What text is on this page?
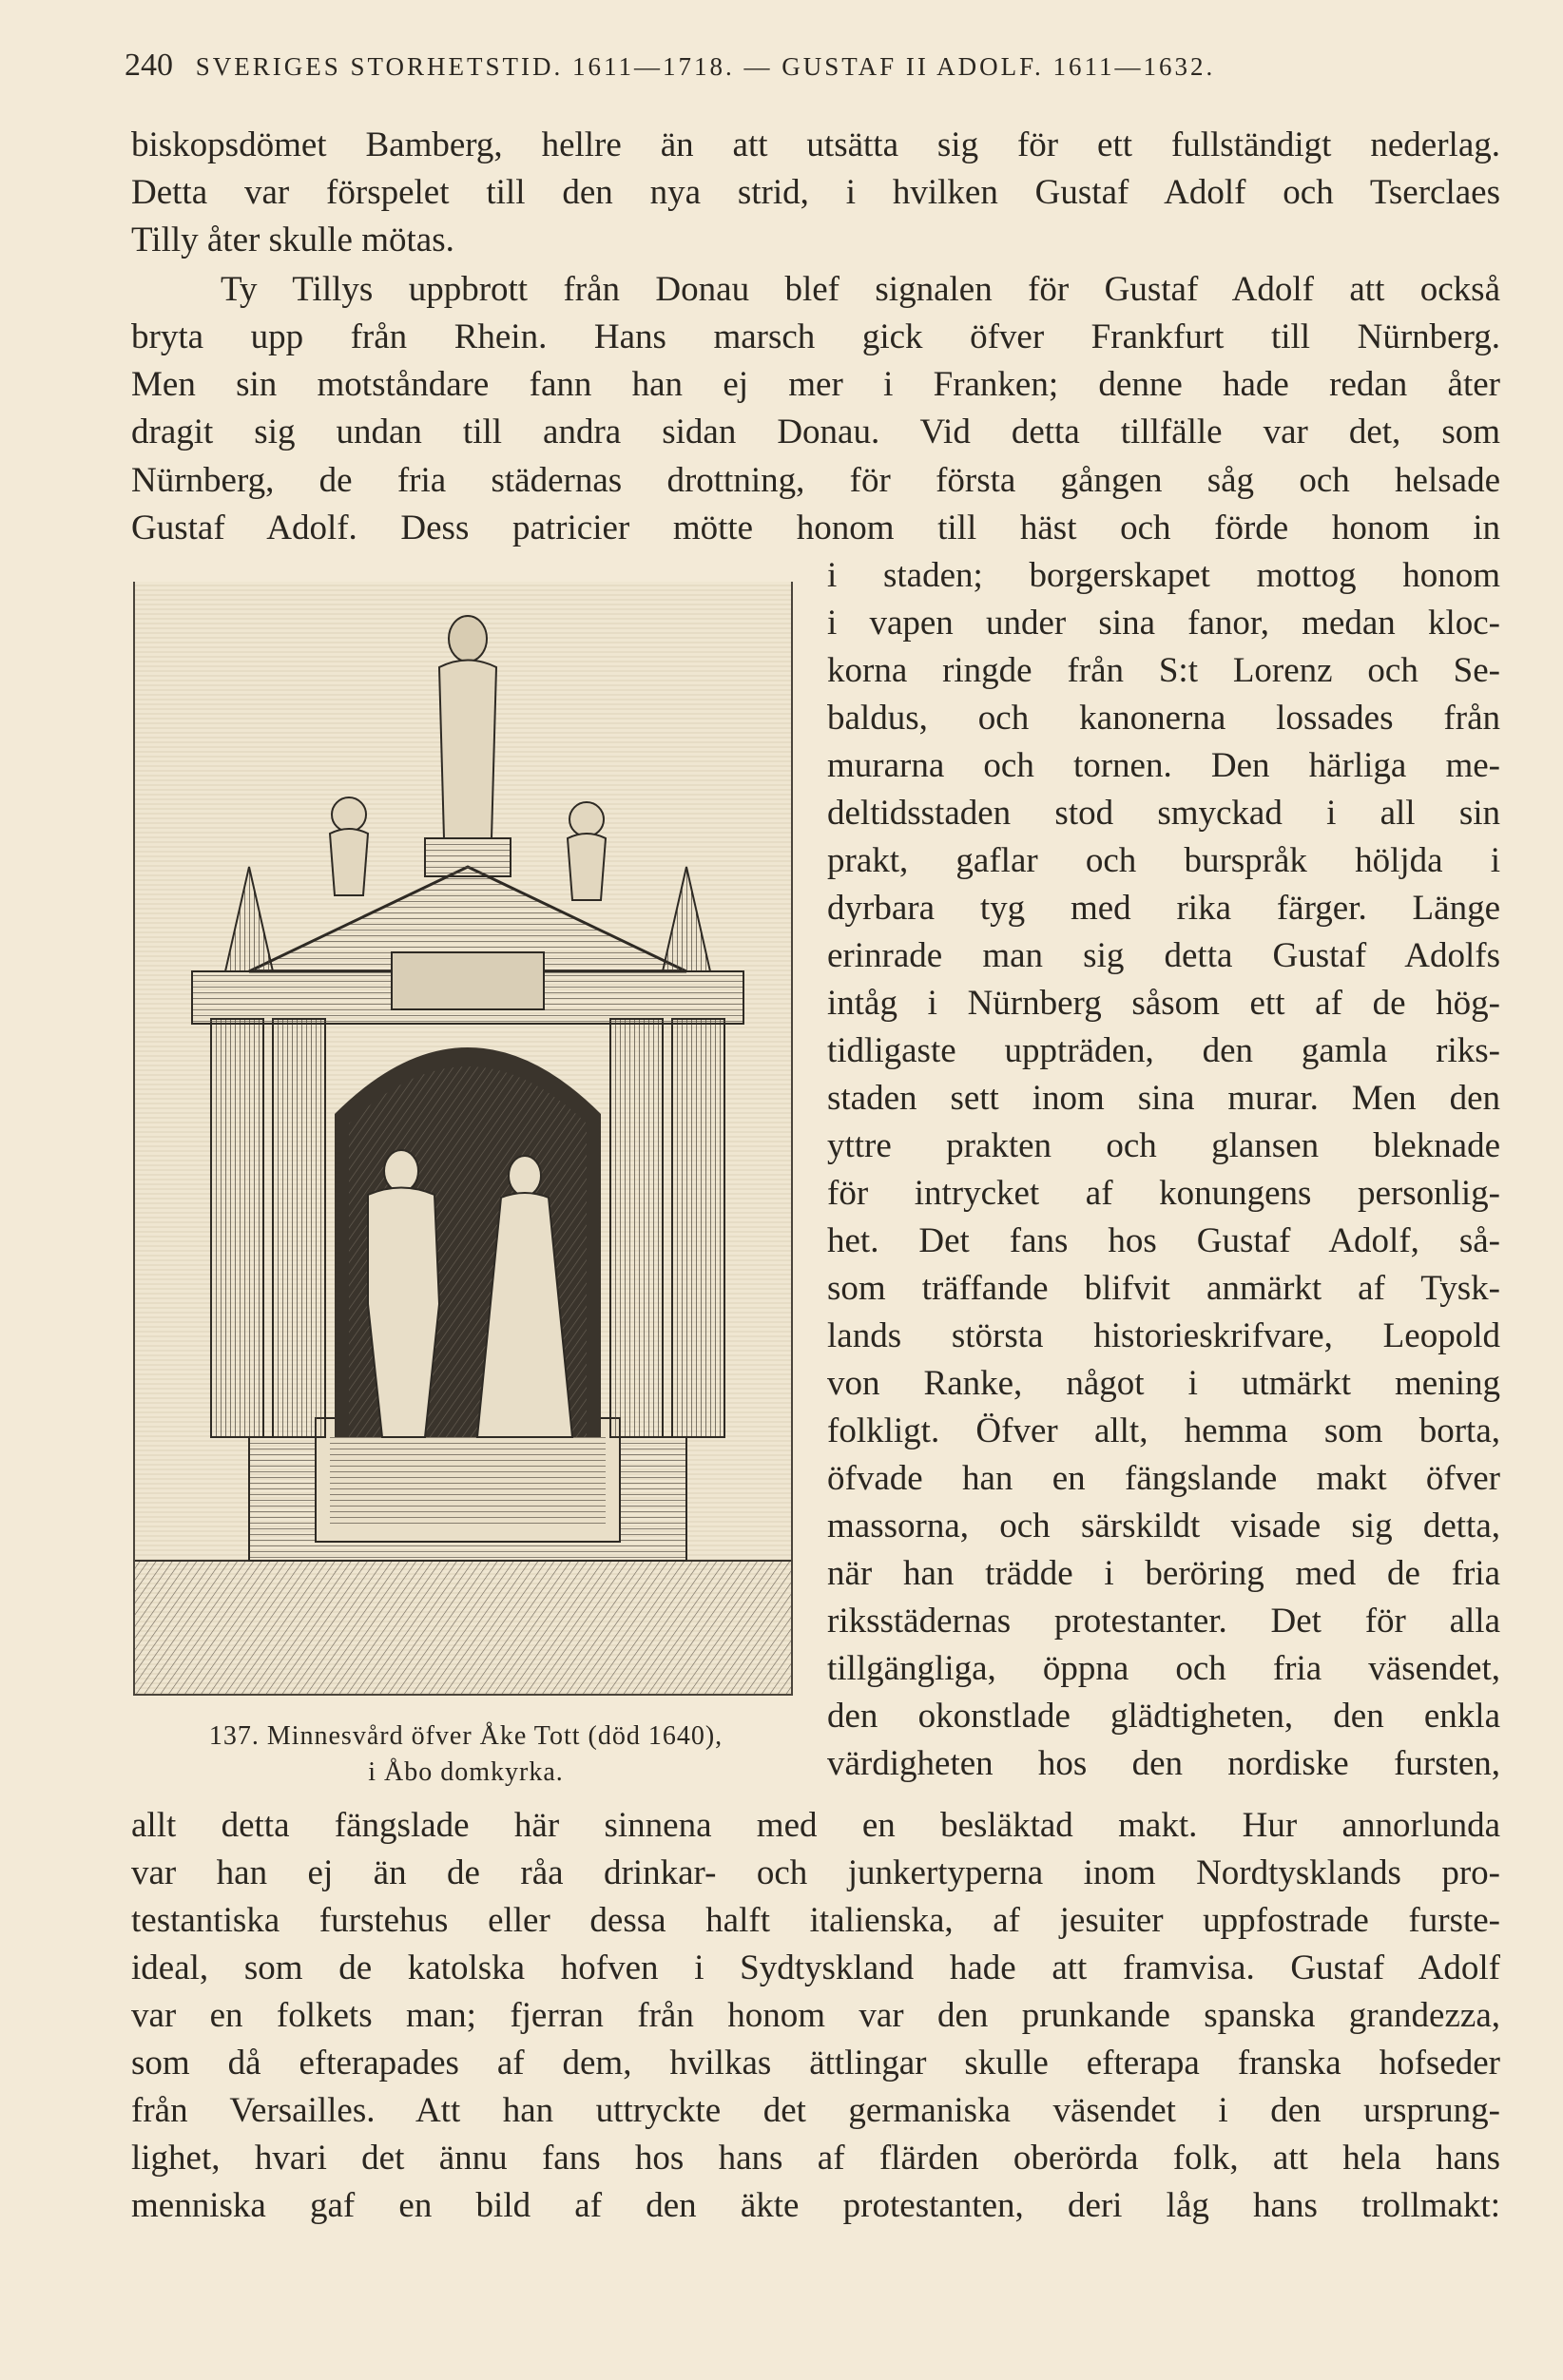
240 SVERIGES STORHETSTID. 1611—1718. — GUSTAF II ADOLF. 1611—1632.
biskopsdömet Bamberg, hellre än att utsätta sig för ett fullständigt nederlag.
Detta var förspelet till den nya strid, i hvilken Gustaf Adolf och Tserclaes
Tilly åter skulle mötas.
Ty Tillys uppbrott från Donau blef signalen för Gustaf Adolf att också
bryta upp från Rhein. Hans marsch gick öfver Frankfurt till Nürnberg.
Men sin motståndare fann han ej mer i Franken; denne hade redan åter
dragit sig undan till andra sidan Donau. Vid detta tillfälle var det, som
Nürnberg, de fria städernas drottning, för första gången såg och helsade
Gustaf Adolf. Dess patricier mötte honom till häst och förde honom in
i staden; borgerskapet mottog honom
i vapen under sina fanor, medan kloc-
korna ringde från S:t Lorenz och Se-
baldus, och kanonerna lossades från
murarna och tornen. Den härliga me-
deltidsstaden stod smyckad i all sin
prakt, gaflar och burspråk höljda i
dyrbara tyg med rika färger. Länge
erinrade man sig detta Gustaf Adolfs
intåg i Nürnberg såsom ett af de hög-
tidligaste uppträden, den gamla riks-
staden sett inom sina murar. Men den
yttre prakten och glansen bleknade
för intrycket af konungens personlig-
het. Det fans hos Gustaf Adolf, så-
som träffande blifvit anmärkt af Tysk-
lands största historieskrifvare, Leopold
von Ranke, något i utmärkt mening
folkligt. Öfver allt, hemma som borta,
öfvade han en fängslande makt öfver
massorna, och särskildt visade sig detta,
när han trädde i beröring med de fria
riksstädernas protestanter. Det för alla
tillgängliga, öppna och fria väsendet,
den okonstlade glädtigheten, den enkla
värdigheten hos den nordiske fursten,
137. Minnesvård öfver Åke Tott (död 1640),
i Åbo domkyrka.
allt detta fängslade här sinnena med en besläktad makt. Hur annorlunda
var han ej än de råa drinkar- och junkertyperna inom Nordtysklands pro-
testantiska furstehus eller dessa halft italienska, af jesuiter uppfostrade furste-
ideal, som de katolska hofven i Sydtyskland hade att framvisa. Gustaf Adolf
var en folkets man; fjerran från honom var den prunkande spanska grandezza,
som då efterapades af dem, hvilkas ättlingar skulle efterapa franska hofseder
från Versailles. Att han uttryckte det germaniska väsendet i den ursprung-
lighet, hvari det ännu fans hos hans af flärden oberörda folk, att hela hans
menniska gaf en bild af den äkte protestanten, deri låg hans trollmakt:
